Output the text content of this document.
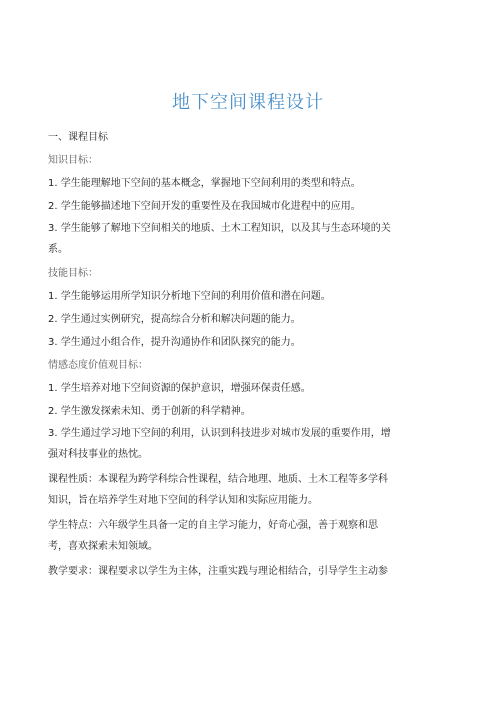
地下空间课程设计

一、课程目标

知识目标：

1. 学生能理解地下空间的基本概念，掌握地下空间利用的类型和特点。

2. 学生能够描述地下空间开发的重要性及在我国城市化进程中的应用。

3. 学生能够了解地下空间相关的地质、土木工程知识，以及其与生态环境的关

系。

技能目标：

1. 学生能够运用所学知识分析地下空间的利用价值和潜在问题。

2. 学生通过实例研究，提高综合分析和解决问题的能力。

3. 学生通过小组合作，提升沟通协作和团队探究的能力。

情感态度价值观目标：

1. 学生培养对地下空间资源的保护意识，增强环保责任感。

2. 学生激发探索未知、勇于创新的科学精神。

3. 学生通过学习地下空间的利用，认识到科技进步对城市发展的重要作用，增

强对科技事业的热忱。

课程性质：本课程为跨学科综合性课程，结合地理、地质、土木工程等多学科

知识，旨在培养学生对地下空间的科学认知和实际应用能力。

学生特点：六年级学生具备一定的自主学习能力，好奇心强，善于观察和思

考，喜欢探索未知领域。

教学要求：课程要求以学生为主体，注重实践与理论相结合，引导学生主动参
